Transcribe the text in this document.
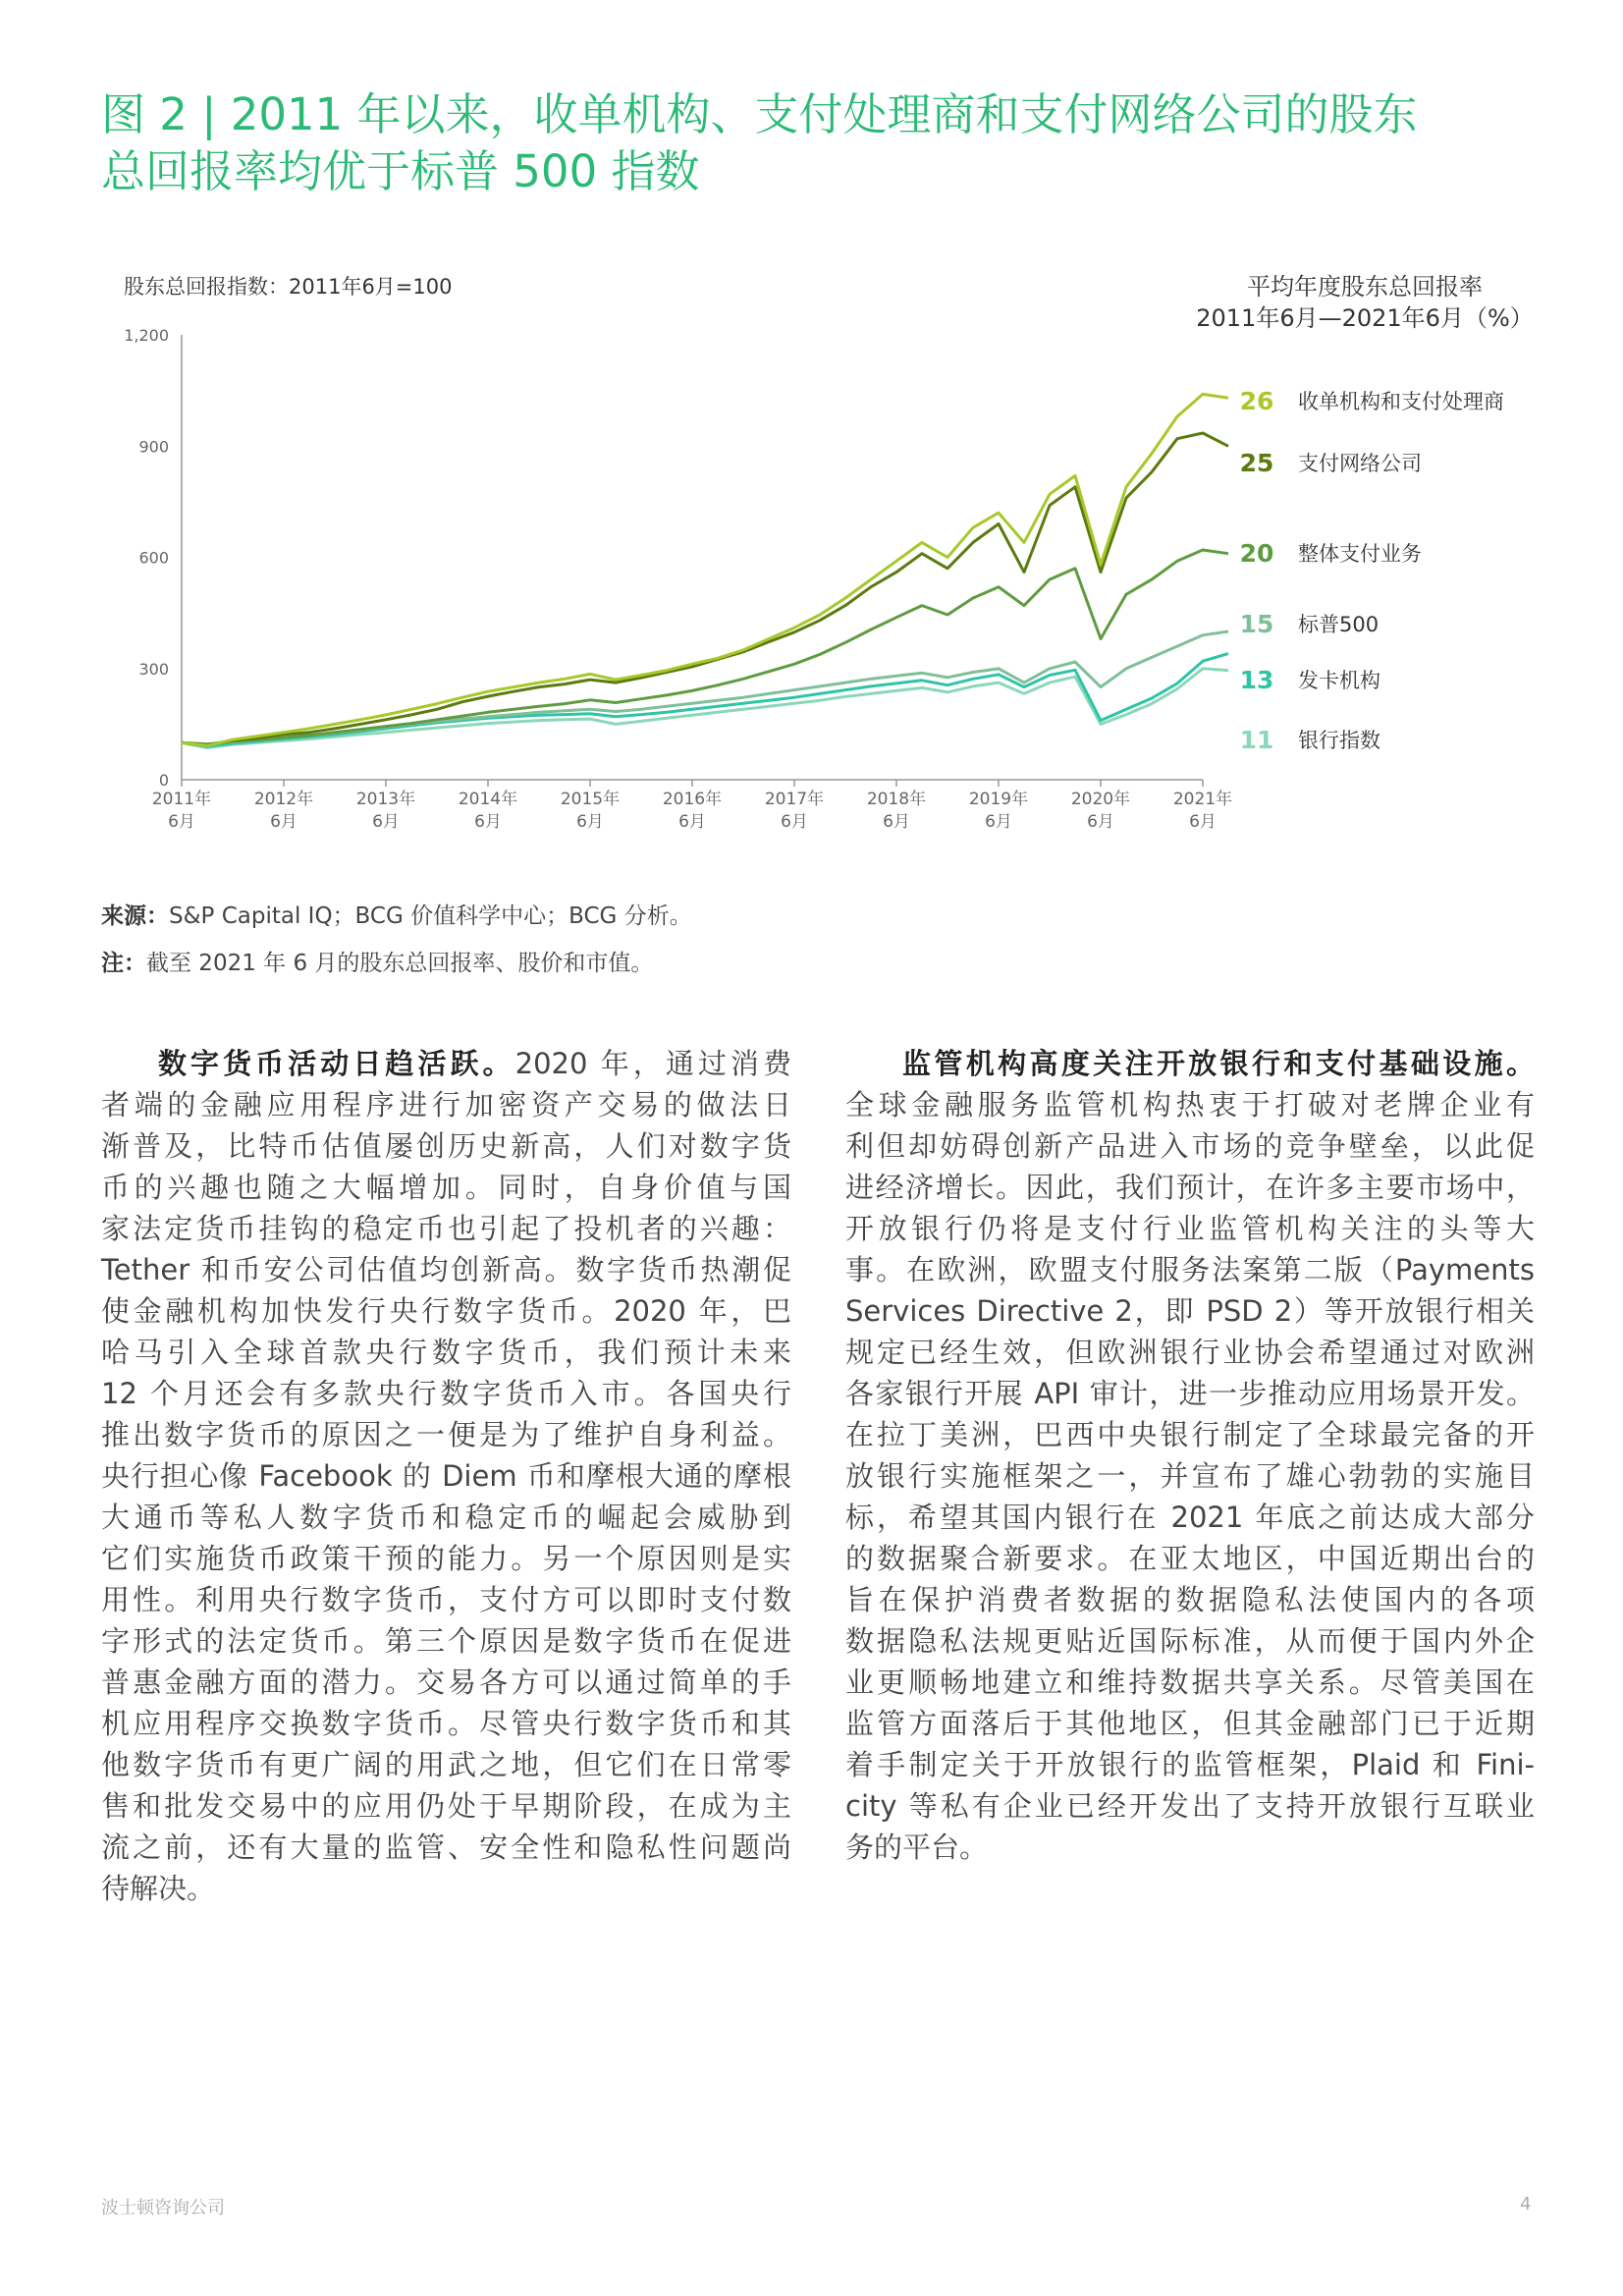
图 2 | 2011 年以来，收单机构、支付处理商和支付网络公司的股东
总回报率均优于标普 500 指数
股东总回报指数：2011年6月=100	平均年度股东总回报率
2011年6月—2021年6月（%）
1,200
900
600
300
0
2011年
6月
2012年
6月
2013年
6月
2014年
6月
2015年
6月
2016年
6月
2017年
6月
2018年
6月
2019年
6月
2020年
6月
2021年
6月
26 收单机构和支付处理商
25 支付网络公司
20 整体支付业务
15 标普500
13 发卡机构
11 银行指数
来源：S&P Capital IQ；BCG 价值科学中心；BCG 分析。
注：截至 2021 年 6 月的股东总回报率、股价和市值。
数字货币活动日趋活跃。2020 年，通过消费
者端的金融应用程序进行加密资产交易的做法日
渐普及，比特币估值屡创历史新高，人们对数字货
币的兴趣也随之大幅增加。同时，自身价值与国
家法定货币挂钩的稳定币也引起了投机者的兴趣：
Tether 和币安公司估值均创新高。数字货币热潮促
使金融机构加快发行央行数字货币。2020 年，巴
哈马引入全球首款央行数字货币，我们预计未来
12 个月还会有多款央行数字货币入市。各国央行
推出数字货币的原因之一便是为了维护自身利益。
央行担心像 Facebook 的 Diem 币和摩根大通的摩根
大通币等私人数字货币和稳定币的崛起会威胁到
它们实施货币政策干预的能力。另一个原因则是实
用性。利用央行数字货币，支付方可以即时支付数
字形式的法定货币。第三个原因是数字货币在促进
普惠金融方面的潜力。交易各方可以通过简单的手
机应用程序交换数字货币。尽管央行数字货币和其
他数字货币有更广阔的用武之地，但它们在日常零
售和批发交易中的应用仍处于早期阶段，在成为主
流之前，还有大量的监管、安全性和隐私性问题尚
待解决。
监管机构高度关注开放银行和支付基础设施。
全球金融服务监管机构热衷于打破对老牌企业有
利但却妨碍创新产品进入市场的竞争壁垒，以此促
进经济增长。因此，我们预计，在许多主要市场中，
开放银行仍将是支付行业监管机构关注的头等大
事。在欧洲，欧盟支付服务法案第二版（Payments
Services Directive 2，即 PSD 2）等开放银行相关
规定已经生效，但欧洲银行业协会希望通过对欧洲
各家银行开展 API 审计，进一步推动应用场景开发。
在拉丁美洲，巴西中央银行制定了全球最完备的开
放银行实施框架之一，并宣布了雄心勃勃的实施目
标，希望其国内银行在 2021 年底之前达成大部分
的数据聚合新要求。在亚太地区，中国近期出台的
旨在保护消费者数据的数据隐私法使国内的各项
数据隐私法规更贴近国际标准，从而便于国内外企
业更顺畅地建立和维持数据共享关系。尽管美国在
监管方面落后于其他地区，但其金融部门已于近期
着手制定关于开放银行的监管框架，Plaid 和 Fini-
city 等私有企业已经开发出了支持开放银行互联业
务的平台。
波士顿咨询公司	4
